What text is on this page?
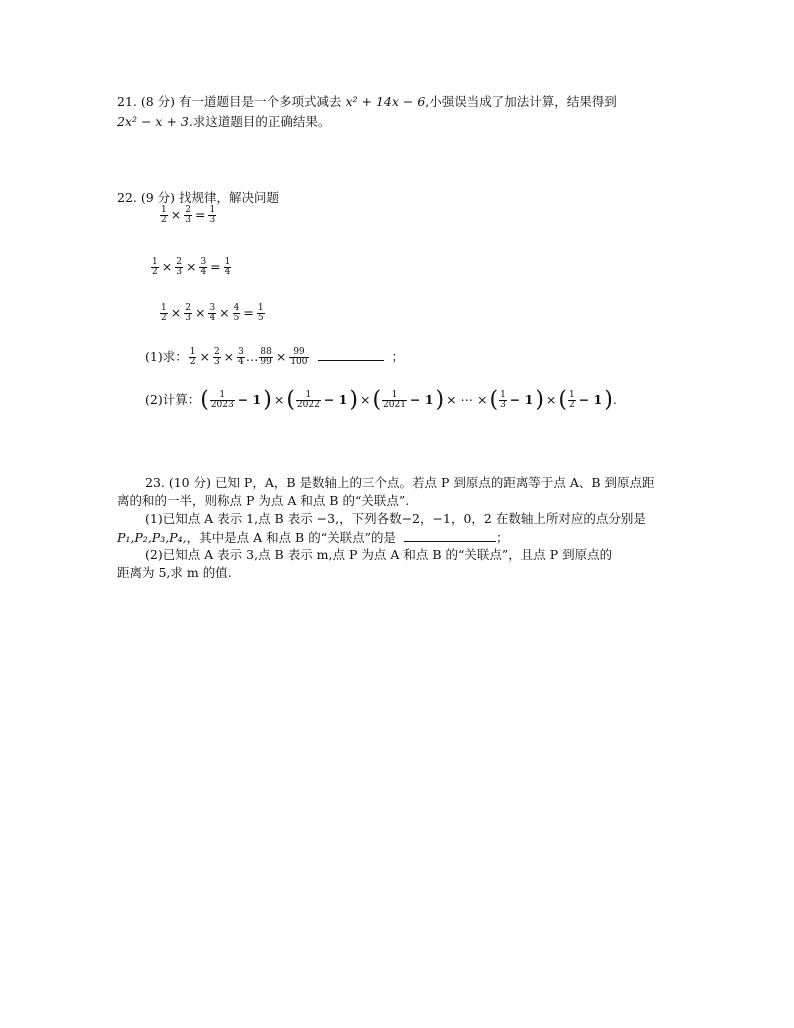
21. (8 分) 有一道题目是一个多项式减去 x² + 14x − 6,小强误当成了加法计算，结果得到
2x² − x + 3.求这道题目的正确结果。
22. (9 分) 找规律，解决问题
$\frac{1}{2} \times \frac{2}{3} = \frac{1}{3}$
$\frac{1}{2} \times \frac{2}{3} \times \frac{3}{4} = \frac{1}{4}$
$\frac{1}{2} \times \frac{2}{3} \times \frac{3}{4} \times \frac{4}{5} = \frac{1}{5}$
(1)求： $\frac{1}{2} \times \frac{2}{3} \times \frac{3}{4}$ … $\frac{88}{99} \times \frac{99}{100}$	；
(2)计算：( $\frac{1}{2023} - 1$) ×( $\frac{1}{2022} - 1$) ×( $\frac{1}{2021} - 1$) × ⋯ ×( $\frac{1}{3} - 1$) ×( $\frac{1}{2} - 1$).
23. (10 分) 已知 P，A，B 是数轴上的三个点。若点 P 到原点的距离等于点 A、B 到原点距
离的和的一半，则称点 P 为点 A 和点 B 的“关联点”.
(1)已知点 A 表示 1,点 B 表示 −3,，下列各数−2，−1，0，2 在数轴上所对应的点分别是
P₁,P₂,P₃,P₄,，其中是点 A 和点 B 的“关联点”的是	；
(2)已知点 A 表示 3,点 B 表示 m,点 P 为点 A 和点 B 的“关联点”，且点 P 到原点的
距离为 5,求 m 的值.
